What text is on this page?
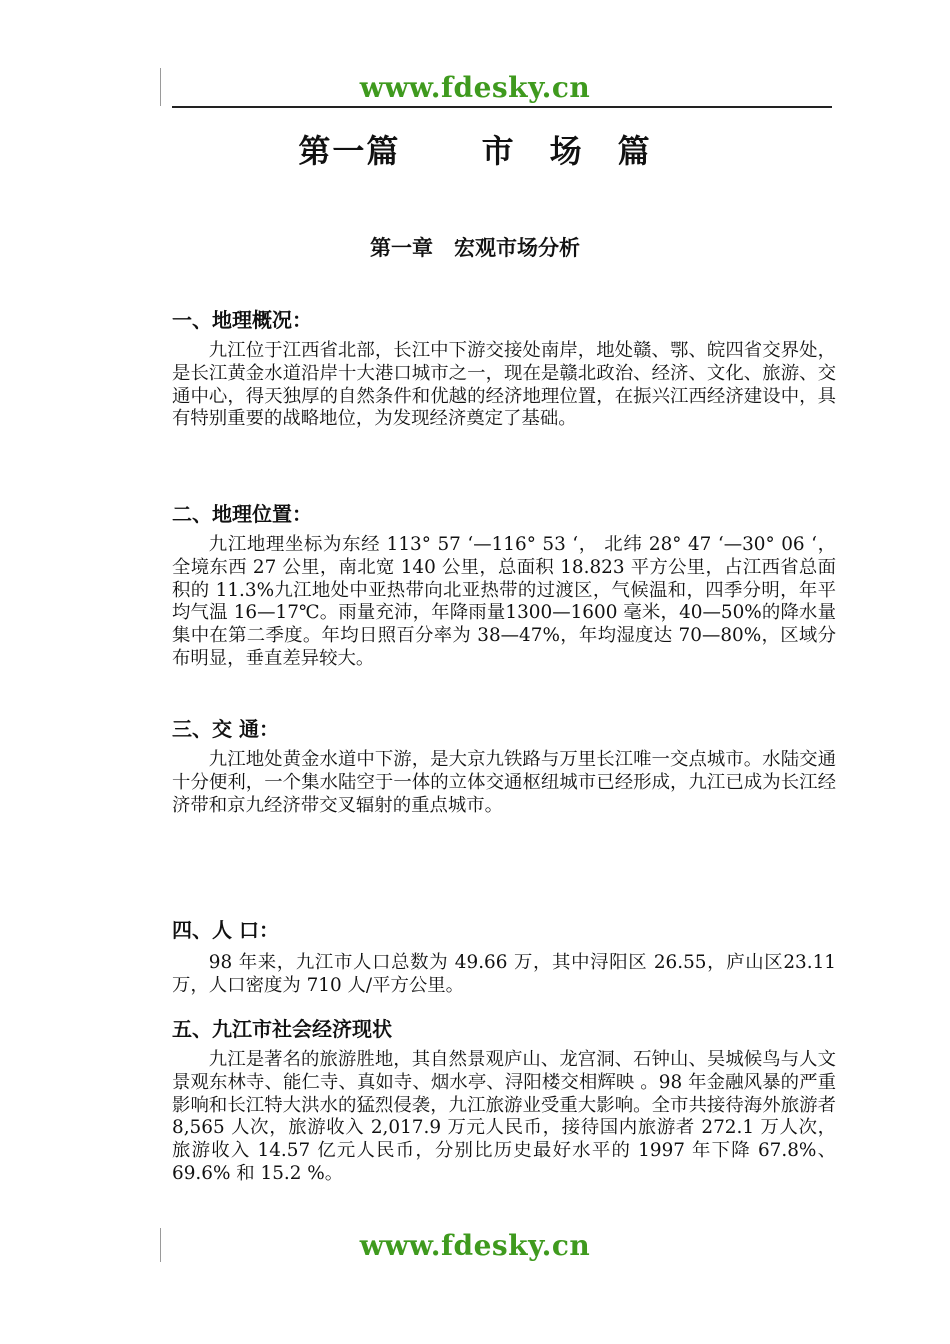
www.fdesky.cn
第一篇　　 市　场　篇
第一章　宏观市场分析
一、地理概况：

九江位于江西省北部，长江中下游交接处南岸，地处赣、鄂、皖四省交界处，是长江黄金水道沿岸十大港口城市之一，现在是赣北政治、经济、文化、旅游、交通中心，得天独厚的自然条件和优越的经济地理位置，在振兴江西经济建设中，具有特别重要的战略地位，为发现经济奠定了基础。

二、地理位置：

九江地理坐标为东经 113° 57 ‘—116° 53 ‘， 北纬 28° 47 ‘—30° 06 ‘，全境东西 27 公里，南北宽 140 公里，总面积 18.823 平方公里，占江西省总面积的 11.3%九江地处中亚热带向北亚热带的过渡区，气候温和，四季分明，年平均气温 16—17℃。雨量充沛，年降雨量1300—1600 毫米，40—50%的降水量集中在第二季度。年均日照百分率为 38—47%，年均湿度达 70—80%，区域分布明显，垂直差异较大。

三、交 通：

九江地处黄金水道中下游，是大京九铁路与万里长江唯一交点城市。水陆交通十分便利，一个集水陆空于一体的立体交通枢纽城市已经形成，九江已成为长江经济带和京九经济带交叉辐射的重点城市。

四、人 口：

98 年来，九江市人口总数为 49.66 万，其中浔阳区 26.55，庐山区23.11 万，人口密度为 710 人/平方公里。

五、九江市社会经济现状

九江是著名的旅游胜地，其自然景观庐山、龙宫洞、石钟山、吴城候鸟与人文景观东林寺、能仁寺、真如寺、烟水亭、浔阳楼交相辉映 。98 年金融风暴的严重影响和长江特大洪水的猛烈侵袭，九江旅游业受重大影响。全市共接待海外旅游者 8,565 人次，旅游收入 2,017.9 万元人民币，接待国内旅游者 272.1 万人次，旅游收入 14.57 亿元人民币，分别比历史最好水平的 1997 年下降 67.8%、69.6% 和 15.2 %。

www.fdesky.cn
